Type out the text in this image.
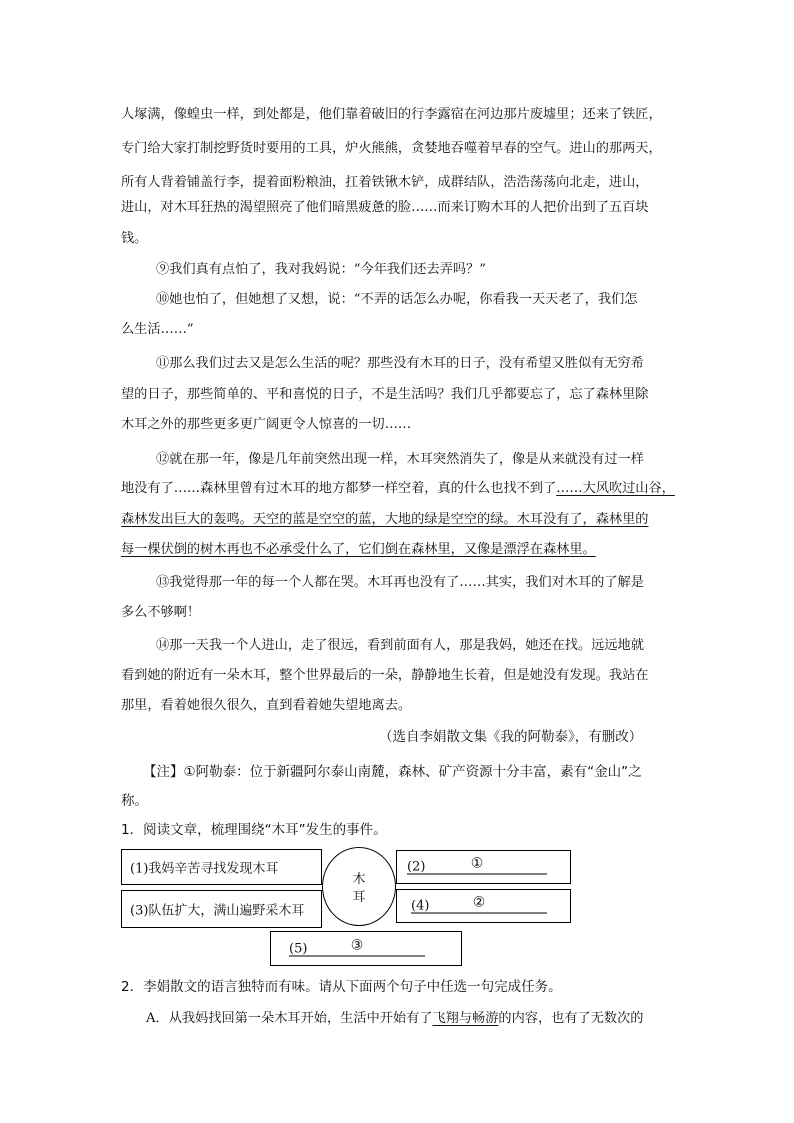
人塚满，像蝗虫一样，到处都是，他们靠着破旧的行李露宿在河边那片废墟里；还来了铁匠，
专门给大家打制挖野货时要用的工具，炉火熊熊，贪婪地吞噬着早春的空气。进山的那两天，
所有人背着铺盖行李，提着面粉粮油，扛着铁锹木铲，成群结队，浩浩荡荡向北走，进山，
进山，对木耳狂热的渴望照亮了他们暗黑疲惫的脸……而来订购木耳的人把价出到了五百块
钱。
⑨我们真有点怕了，我对我妈说：“今年我们还去弄吗？”
⑩她也怕了，但她想了又想，说：“不弄的话怎么办呢，你看我一天天老了，我们怎
么生活……”
⑪那么我们过去又是怎么生活的呢？那些没有木耳的日子，没有希望又胜似有无穷希
望的日子，那些简单的、平和喜悦的日子，不是生活吗？我们几乎都要忘了，忘了森林里除
木耳之外的那些更多更广阔更令人惊喜的一切……
⑫就在那一年，像是几年前突然出现一样，木耳突然消失了，像是从来就没有过一样
地没有了……森林里曾有过木耳的地方都梦一样空着，真的什么也找不到了……大风吹过山谷，
森林发出巨大的轰鸣。天空的蓝是空空的蓝，大地的绿是空空的绿。木耳没有了，森林里的
每一棵伏倒的树木再也不必承受什么了，它们倒在森林里，又像是漂浮在森林里。
⑬我觉得那一年的每一个人都在哭。木耳再也没有了……其实，我们对木耳的了解是
多么不够啊！
⑭那一天我一个人进山，走了很远，看到前面有人，那是我妈，她还在找。远远地就
看到她的附近有一朵木耳，整个世界最后的一朵，静静地生长着，但是她没有发现。我站在
那里，看着她很久很久，直到看着她失望地离去。
（选自李娟散文集《我的阿勒泰》，有删改）
【注】①阿勒泰：位于新疆阿尔泰山南麓，森林、矿产资源十分丰富，素有“金山”之
称。
1．阅读文章，梳理围绕“木耳”发生的事件。
(1)我妈辛苦寻找发现木耳
(3)队伍扩大，满山遍野采木耳
(2)	①
(4)	②
(5)	③
木
耳
2．李娟散文的语言独特而有味。请从下面两个句子中任选一句完成任务。
A．从我妈找回第一朵木耳开始，生活中开始有了飞翔与畅游的内容，也有了无数次的
